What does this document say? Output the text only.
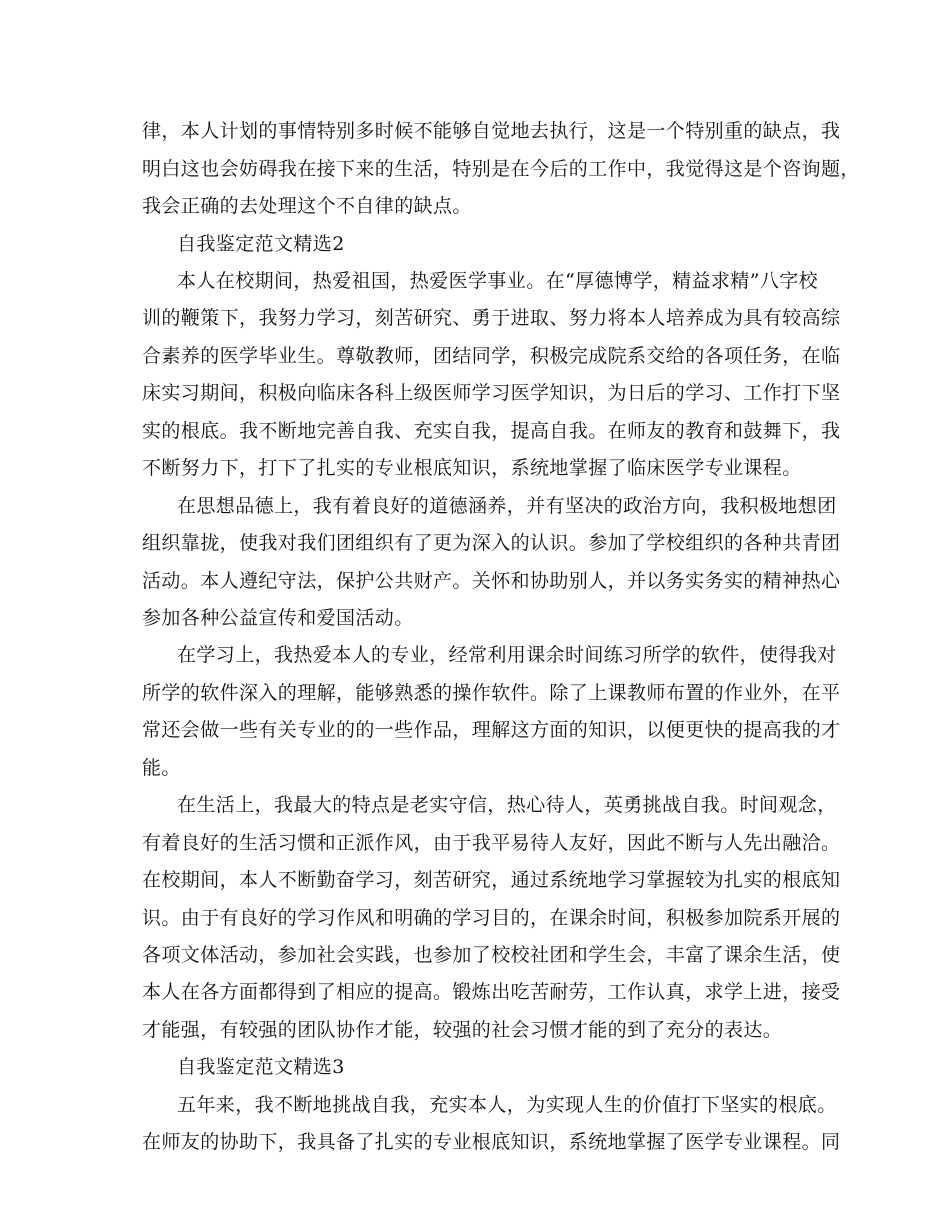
律，本人计划的事情特别多时候不能够自觉地去执行，这是一个特别重的缺点，我
明白这也会妨碍我在接下来的生活，特别是在今后的工作中，我觉得这是个咨询题，
我会正确的去处理这个不自律的缺点。
自我鉴定范文精选2
本人在校期间，热爱祖国，热爱医学事业。在“厚德博学，精益求精”八字校
训的鞭策下，我努力学习，刻苦研究、勇于进取、努力将本人培养成为具有较高综
合素养的医学毕业生。尊敬教师，团结同学，积极完成院系交给的各项任务，在临
床实习期间，积极向临床各科上级医师学习医学知识，为日后的学习、工作打下坚
实的根底。我不断地完善自我、充实自我，提高自我。在师友的教育和鼓舞下，我
不断努力下，打下了扎实的专业根底知识，系统地掌握了临床医学专业课程。
在思想品德上，我有着良好的道德涵养，并有坚决的政治方向，我积极地想团
组织靠拢，使我对我们团组织有了更为深入的认识。参加了学校组织的各种共青团
活动。本人遵纪守法，保护公共财产。关怀和协助别人，并以务实务实的精神热心
参加各种公益宣传和爱国活动。
在学习上，我热爱本人的专业，经常利用课余时间练习所学的软件，使得我对
所学的软件深入的理解，能够熟悉的操作软件。除了上课教师布置的作业外，在平
常还会做一些有关专业的的一些作品，理解这方面的知识，以便更快的提高我的才
能。
在生活上，我最大的特点是老实守信，热心待人，英勇挑战自我。时间观念，
有着良好的生活习惯和正派作风，由于我平易待人友好，因此不断与人先出融洽。
在校期间，本人不断勤奋学习，刻苦研究，通过系统地学习掌握较为扎实的根底知
识。由于有良好的学习作风和明确的学习目的，在课余时间，积极参加院系开展的
各项文体活动，参加社会实践，也参加了校校社团和学生会，丰富了课余生活，使
本人在各方面都得到了相应的提高。锻炼出吃苦耐劳，工作认真，求学上进，接受
才能强，有较强的团队协作才能，较强的社会习惯才能的到了充分的表达。
自我鉴定范文精选3
五年来，我不断地挑战自我，充实本人，为实现人生的价值打下坚实的根底。
在师友的协助下，我具备了扎实的专业根底知识，系统地掌握了医学专业课程。同
